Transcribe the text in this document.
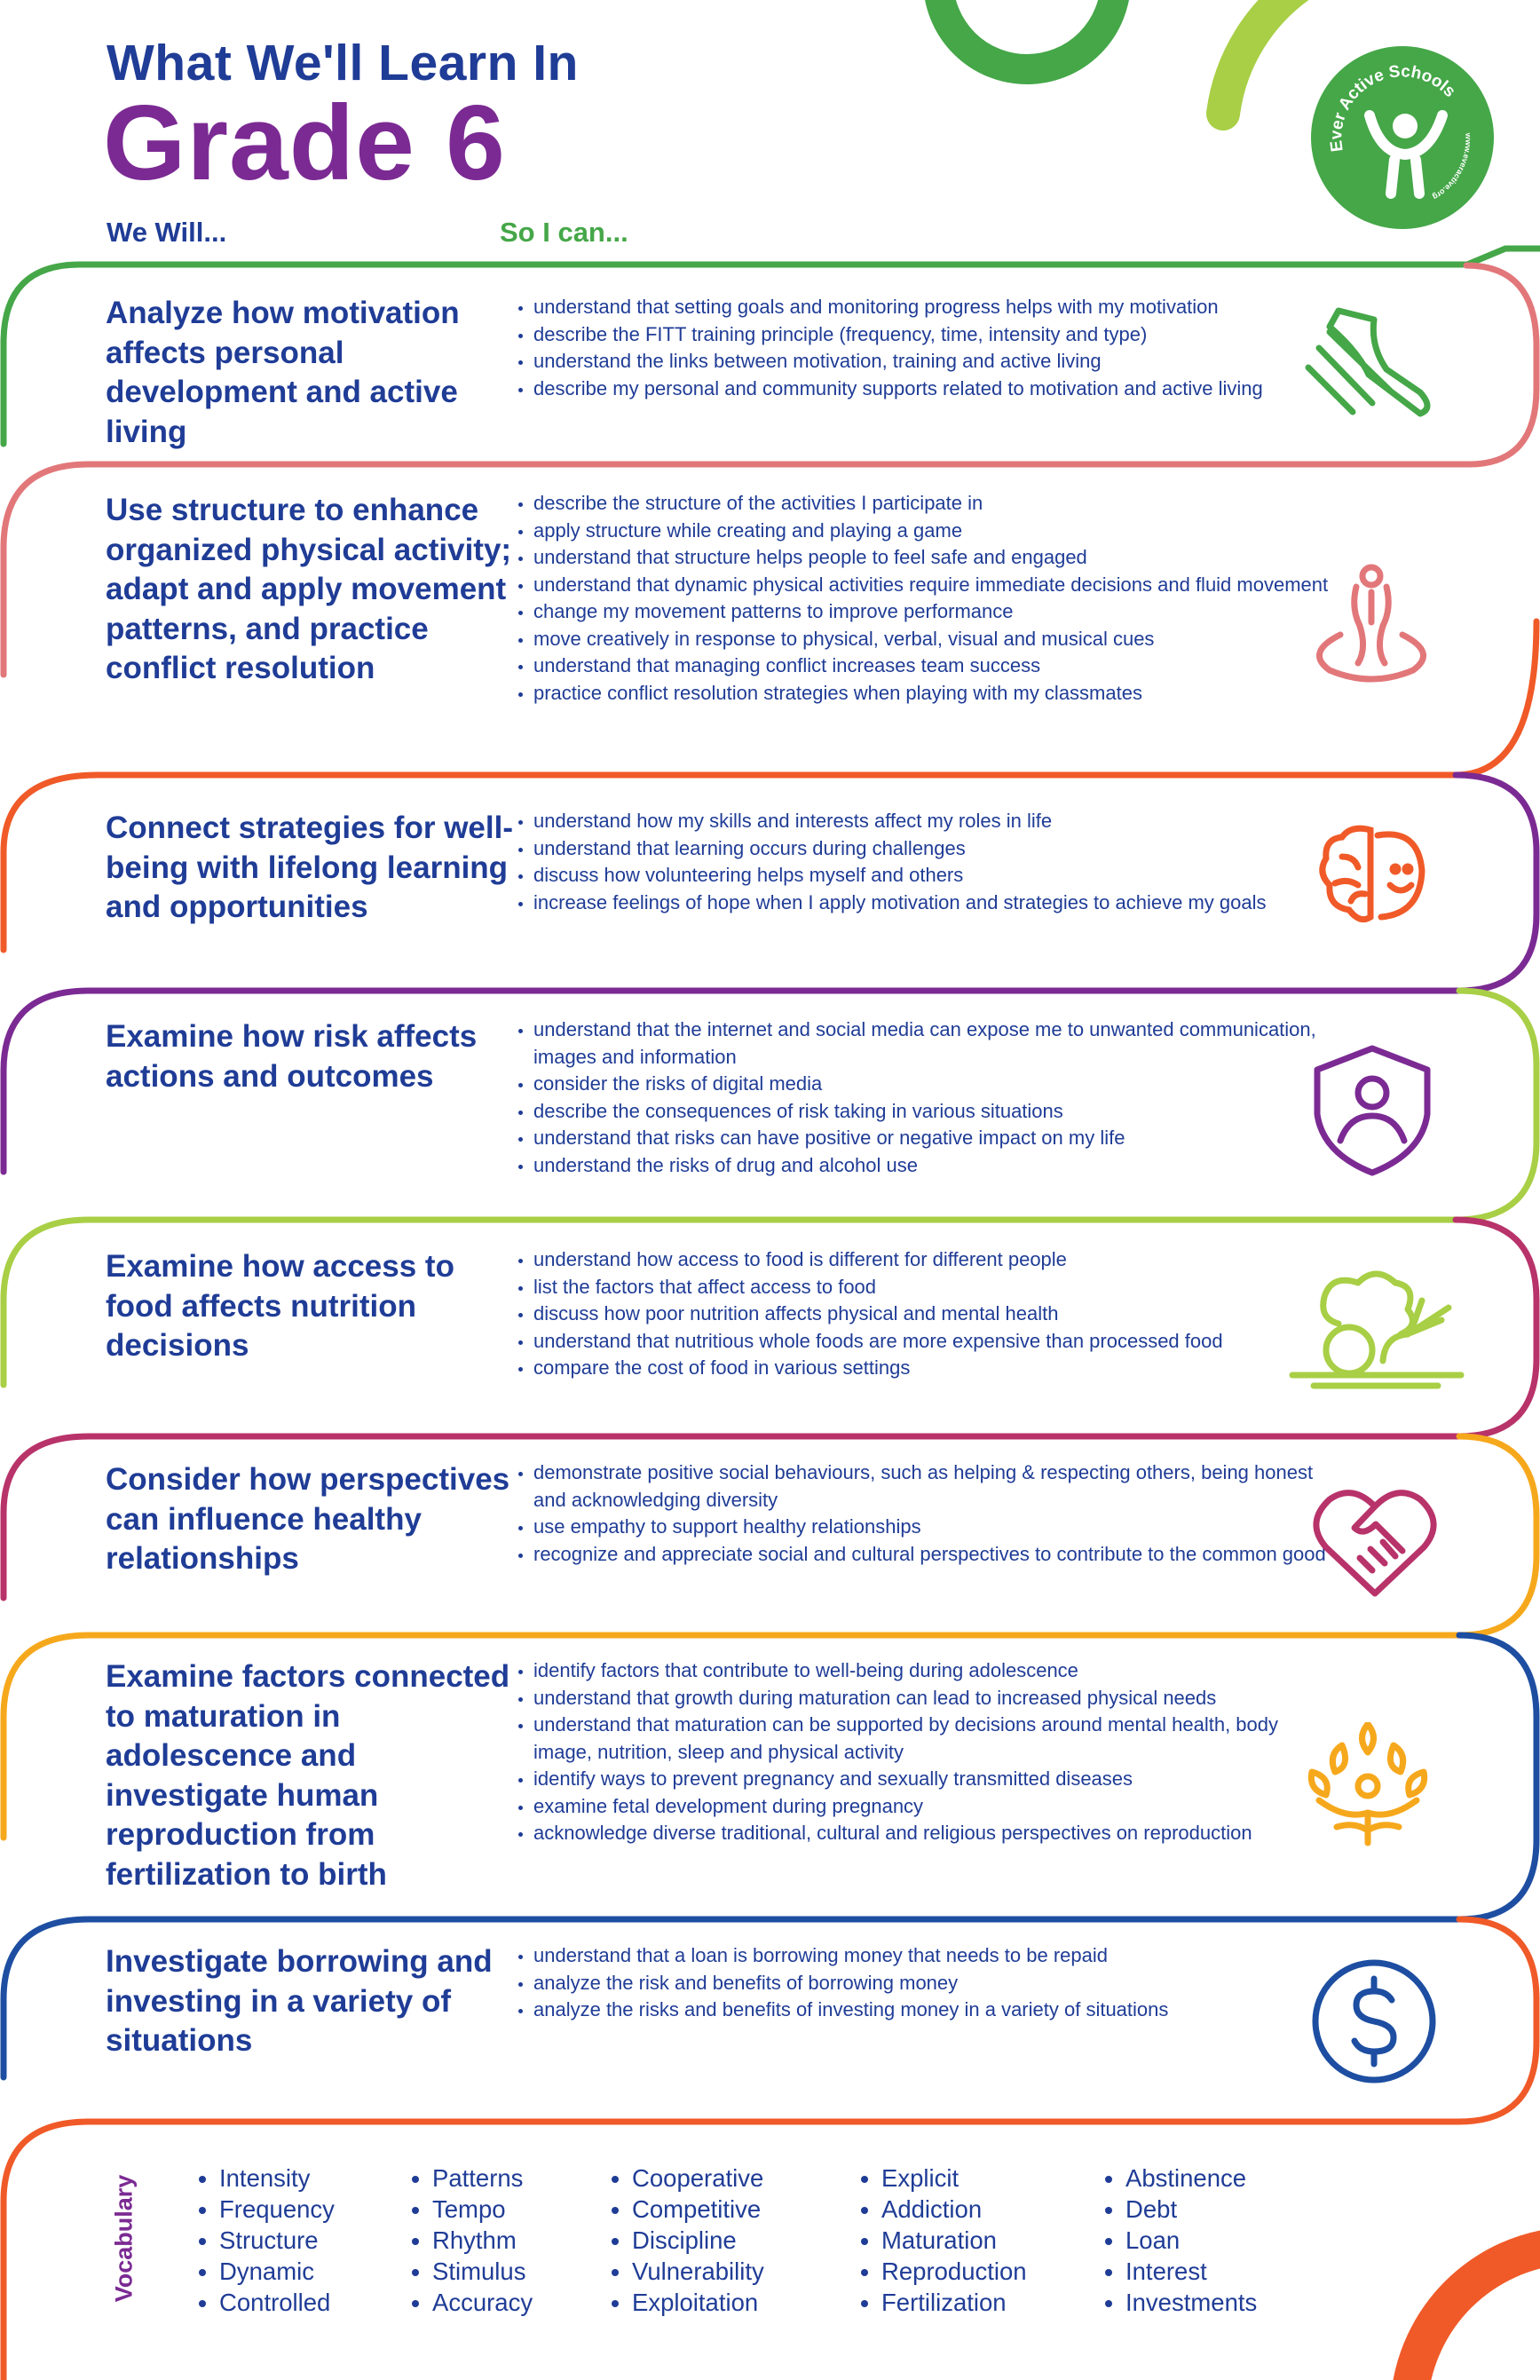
Ever Active Schools
www.everactive.org
What We'll Learn In
Grade 6
We Will...	So I can...
Analyze how motivation affects personal development and active living
• understand that setting goals and monitoring progress helps with my motivation
• describe the FITT training principle (frequency, time, intensity and type)
• understand the links between motivation, training and active living
• describe my personal and community supports related to motivation and active living
Use structure to enhance organized physical activity; adapt and apply movement patterns, and practice conflict resolution
• describe the structure of the activities I participate in
• apply structure while creating and playing a game
• understand that structure helps people to feel safe and engaged
• understand that dynamic physical activities require immediate decisions and fluid movement
• change my movement patterns to improve performance
• move creatively in response to physical, verbal, visual and musical cues
• understand that managing conflict increases team success
• practice conflict resolution strategies when playing with my classmates
Connect strategies for well-being with lifelong learning and opportunities
• understand how my skills and interests affect my roles in life
• understand that learning occurs during challenges
• discuss how volunteering helps myself and others
• increase feelings of hope when I apply motivation and strategies to achieve my goals
Examine how risk affects actions and outcomes
• understand that the internet and social media can expose me to unwanted communication, images and information
• consider the risks of digital media
• describe the consequences of risk taking in various situations
• understand that risks can have positive or negative impact on my life
• understand the risks of drug and alcohol use
Examine how access to food affects nutrition decisions
• understand how access to food is different for different people
• list the factors that affect access to food
• discuss how poor nutrition affects physical and mental health
• understand that nutritious whole foods are more expensive than processed food
• compare the cost of food in various settings
Consider how perspectives can influence healthy relationships
• demonstrate positive social behaviours, such as helping & respecting others, being honest and acknowledging diversity
• use empathy to support healthy relationships
• recognize and appreciate social and cultural perspectives to contribute to the common good
Examine factors connected to maturation in adolescence and investigate human reproduction from fertilization to birth
• identify factors that contribute to well-being during adolescence
• understand that growth during maturation can lead to increased physical needs
• understand that maturation can be supported by decisions around mental health, body image, nutrition, sleep and physical activity
• identify ways to prevent pregnancy and sexually transmitted diseases
• examine fetal development during pregnancy
• acknowledge diverse traditional, cultural and religious perspectives on reproduction
Investigate borrowing and investing in a variety of situations
• understand that a loan is borrowing money that needs to be repaid
• analyze the risk and benefits of borrowing money
• analyze the risks and benefits of investing money in a variety of situations
Vocabulary
•	Intensity
• Frequency
• Structure
• Dynamic
• Controlled
• Patterns
• Tempo
• Rhythm
• Stimulus
• Accuracy
• Cooperative
• Competitive
• Discipline
• Vulnerability
• Exploitation
• Explicit
• Addiction
• Maturation
• Reproduction
• Fertilization
• Abstinence
• Debt
• Loan
• Interest
• Investments
